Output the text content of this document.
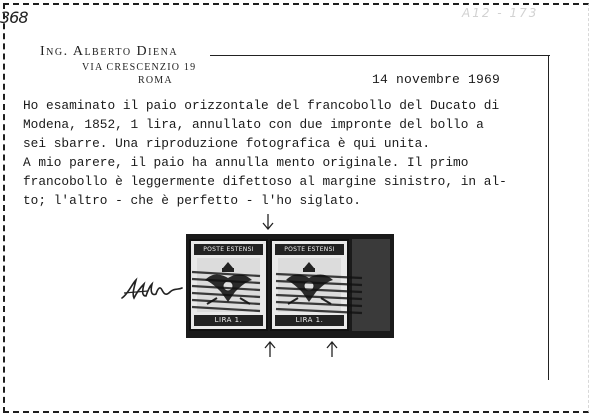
368	A12 - 173

Ing. Alberto Diena

VIA CRESCENZIO 19

ROMA	14 novembre 1969

Ho esaminato il paio orizzontale del francobollo del Ducato di

Modena, 1852, 1 lira, annullato con due impronte del bollo a

sei sbarre. Una riproduzione fotografica è qui unita.

A mio parere, il paio ha annulla mento originale. Il primo

francobollo è leggermente difettoso al margine sinistro, in al-

to; l'altro - che è perfetto - l'ho siglato.

POSTE ESTENSI
LIRA 1.
POSTE ESTENSI
LIRA 1.
